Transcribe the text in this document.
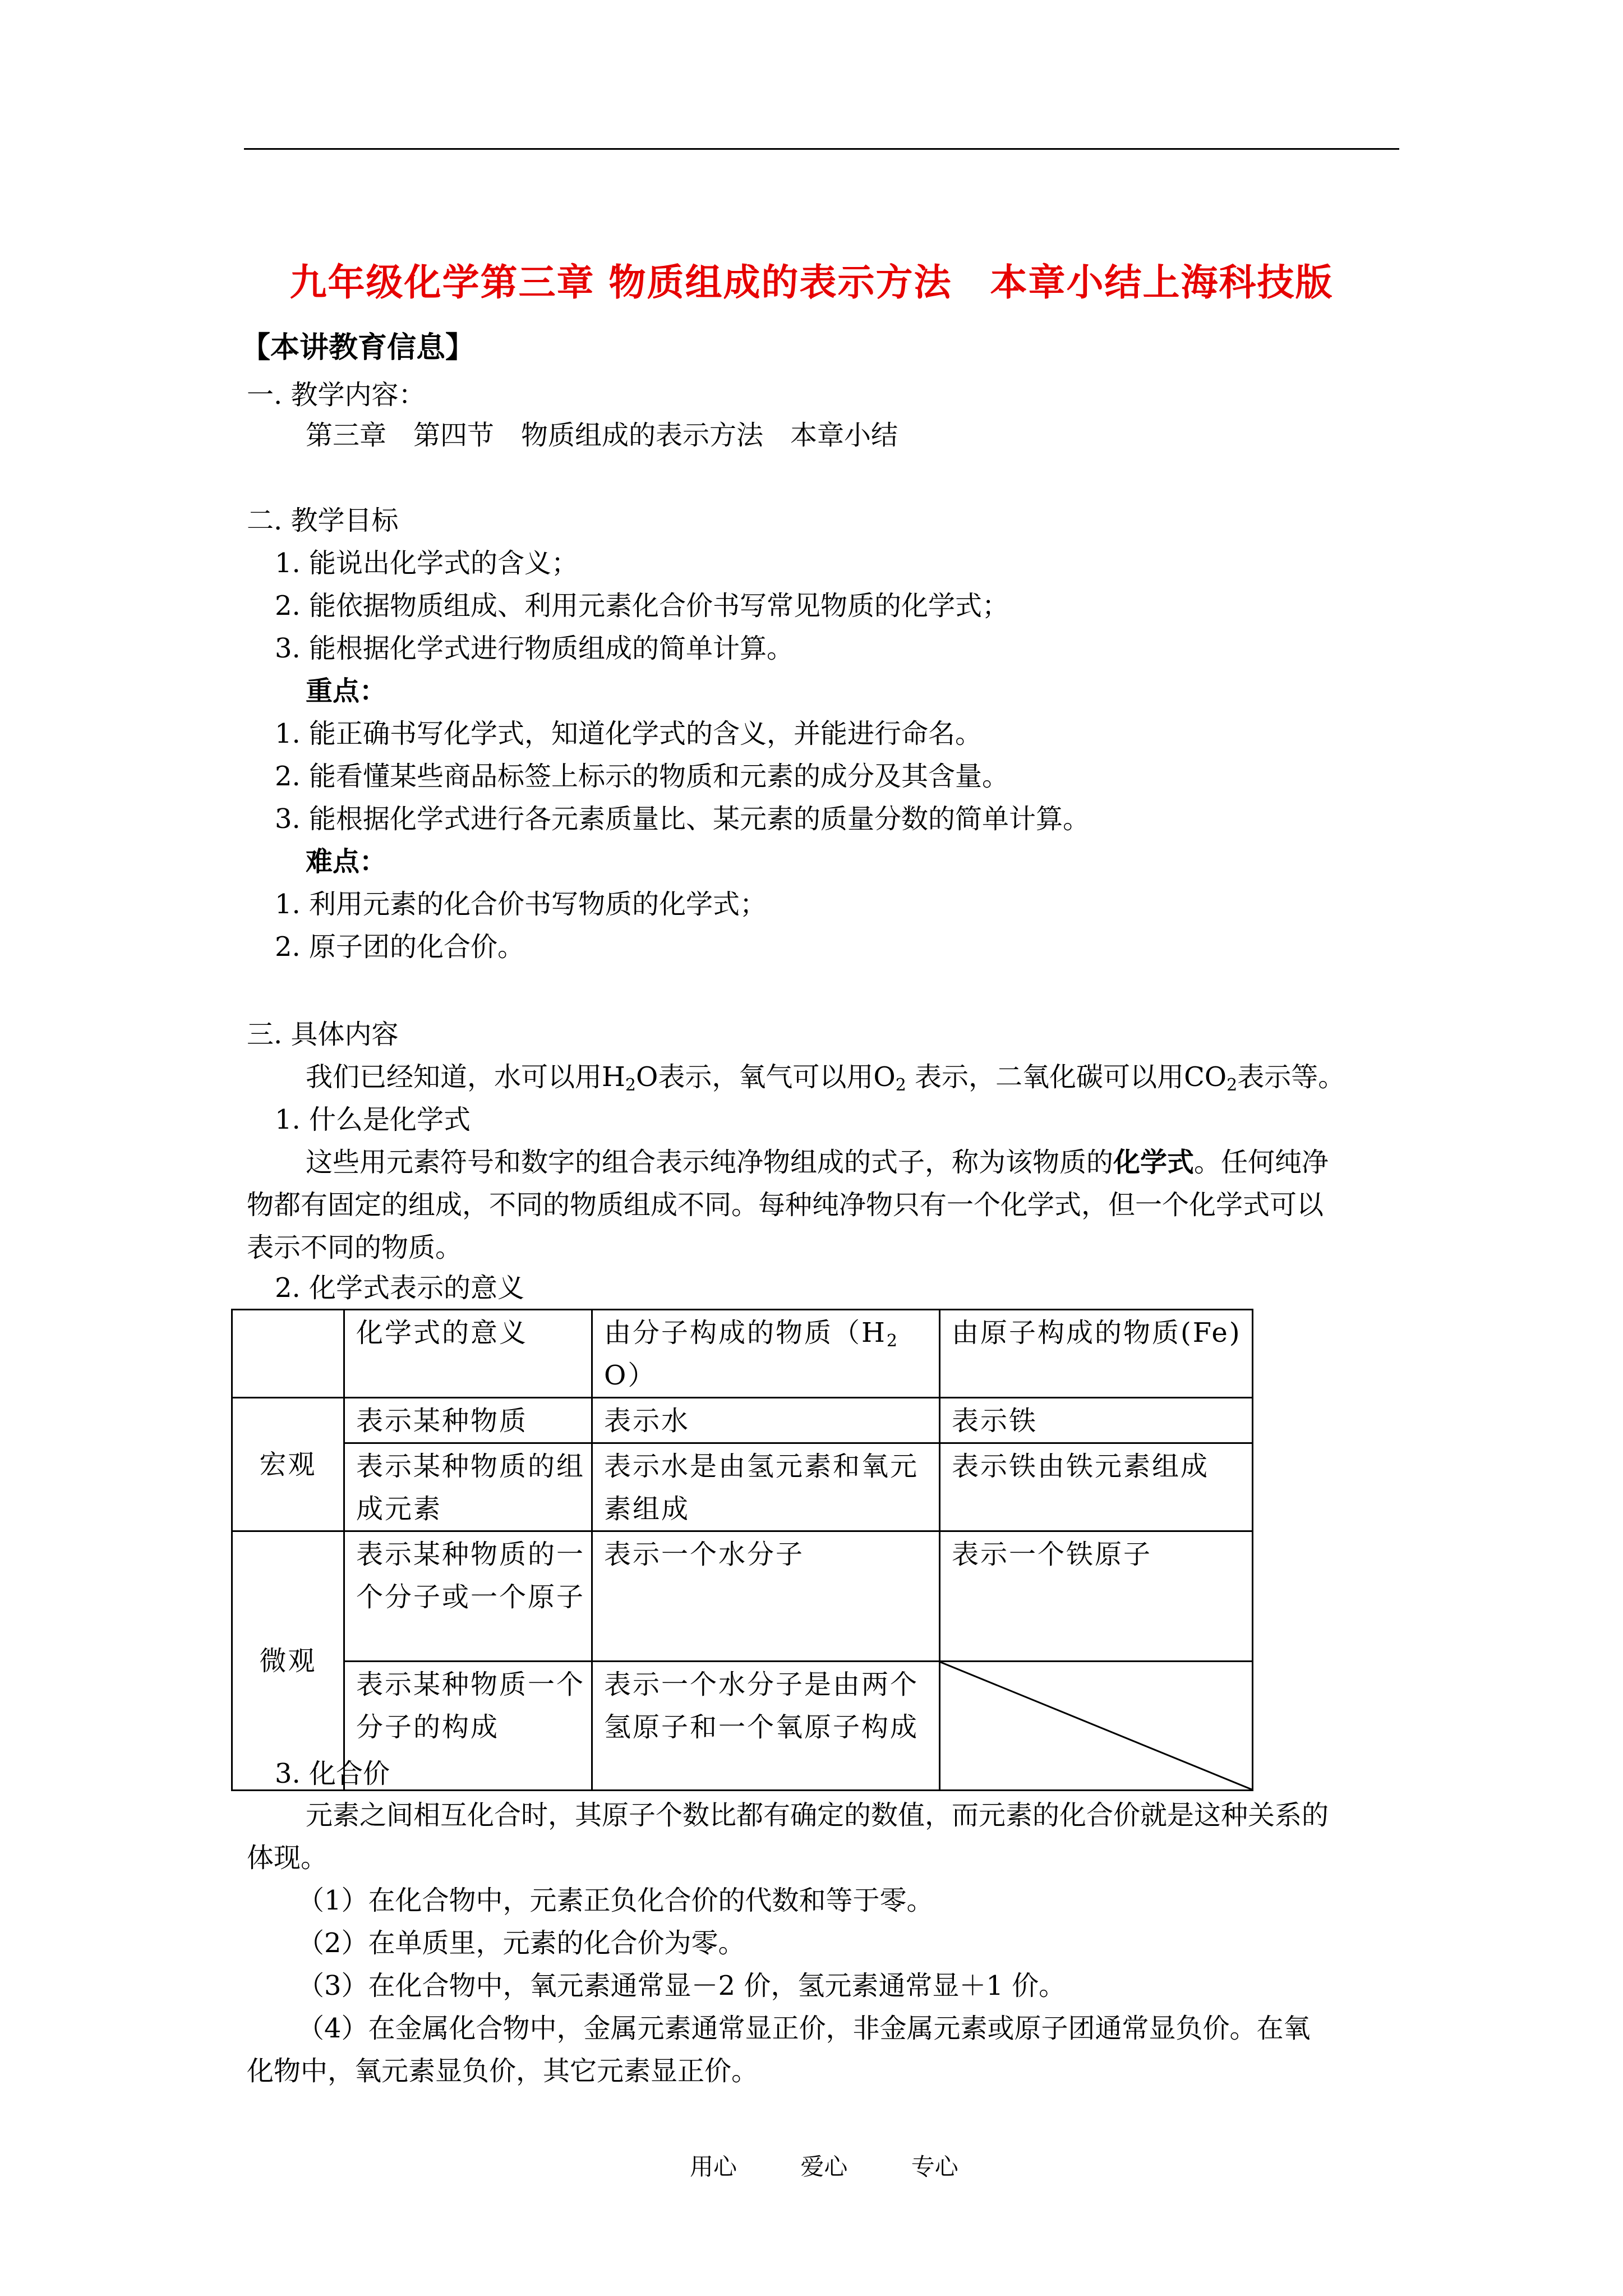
九年级化学第三章 物质组成的表示方法　本章小结上海科技版
【本讲教育信息】
一. 教学内容：
第三章　第四节　物质组成的表示方法　本章小结
二. 教学目标
1. 能说出化学式的含义；
2. 能依据物质组成、利用元素化合价书写常见物质的化学式；
3. 能根据化学式进行物质组成的简单计算。
重点：
1. 能正确书写化学式，知道化学式的含义，并能进行命名。
2. 能看懂某些商品标签上标示的物质和元素的成分及其含量。
3. 能根据化学式进行各元素质量比、某元素的质量分数的简单计算。
难点：
1. 利用元素的化合价书写物质的化学式；
2. 原子团的化合价。
三. 具体内容
我们已经知道，水可以用$H_2O$表示，氧气可以用$O_2$ 表示，二氧化碳可以用$CO_2$表示等。
1. 什么是化学式
这些用元素符号和数字的组合表示纯净物组成的式子，称为该物质的化学式。任何纯净
物都有固定的组成，不同的物质组成不同。每种纯净物只有一个化学式，但一个化学式可以
表示不同的物质。
2. 化学式表示的意义
	化学式的意义	由分子构成的物质$(H_2O)$	由原子构成的物质(Fe)
宏观	表示某种物质	表示水	表示铁
	表示某种物质的组成元素	表示水是由氢元素和氧元素组成	表示铁由铁元素组成
微观	表示某种物质的一个分子或一个原子	表示一个水分子	表示一个铁原子
	表示某种物质一个分子的构成	表示一个水分子是由两个氢原子和一个氧原子构成	
3. 化合价
元素之间相互化合时，其原子个数比都有确定的数值，而元素的化合价就是这种关系的
体现。
（1）在化合物中，元素正负化合价的代数和等于零。
（2）在单质里，元素的化合价为零。
（3）在化合物中，氧元素通常显－2 价，氢元素通常显＋1 价。
（4）在金属化合物中，金属元素通常显正价，非金属元素或原子团通常显负价。在氧
化物中，氧元素显负价，其它元素显正价。
用心	爱心	专心
